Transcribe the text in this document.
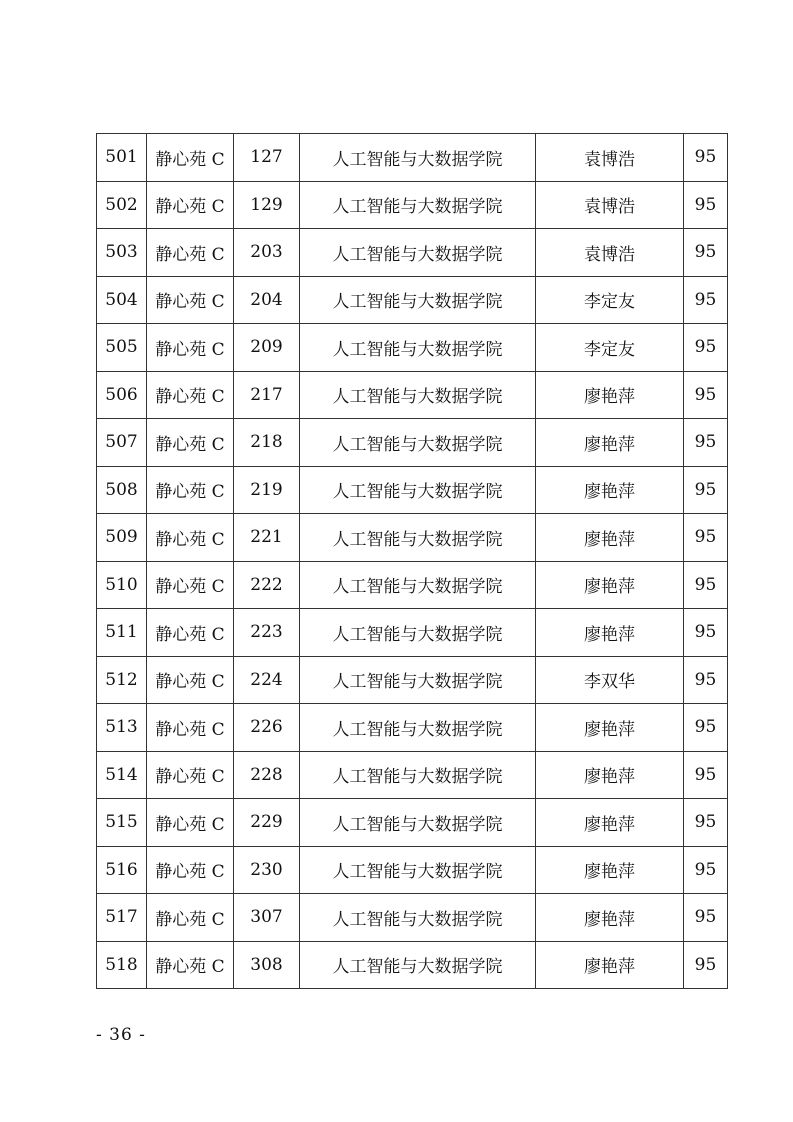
501	静心苑 C	127	人工智能与大数据学院	袁博浩	95
502	静心苑 C	129	人工智能与大数据学院	袁博浩	95
503	静心苑 C	203	人工智能与大数据学院	袁博浩	95
504	静心苑 C	204	人工智能与大数据学院	李定友	95
505	静心苑 C	209	人工智能与大数据学院	李定友	95
506	静心苑 C	217	人工智能与大数据学院	廖艳萍	95
507	静心苑 C	218	人工智能与大数据学院	廖艳萍	95
508	静心苑 C	219	人工智能与大数据学院	廖艳萍	95
509	静心苑 C	221	人工智能与大数据学院	廖艳萍	95
510	静心苑 C	222	人工智能与大数据学院	廖艳萍	95
511	静心苑 C	223	人工智能与大数据学院	廖艳萍	95
512	静心苑 C	224	人工智能与大数据学院	李双华	95
513	静心苑 C	226	人工智能与大数据学院	廖艳萍	95
514	静心苑 C	228	人工智能与大数据学院	廖艳萍	95
515	静心苑 C	229	人工智能与大数据学院	廖艳萍	95
516	静心苑 C	230	人工智能与大数据学院	廖艳萍	95
517	静心苑 C	307	人工智能与大数据学院	廖艳萍	95
518	静心苑 C	308	人工智能与大数据学院	廖艳萍	95
- 36 -
